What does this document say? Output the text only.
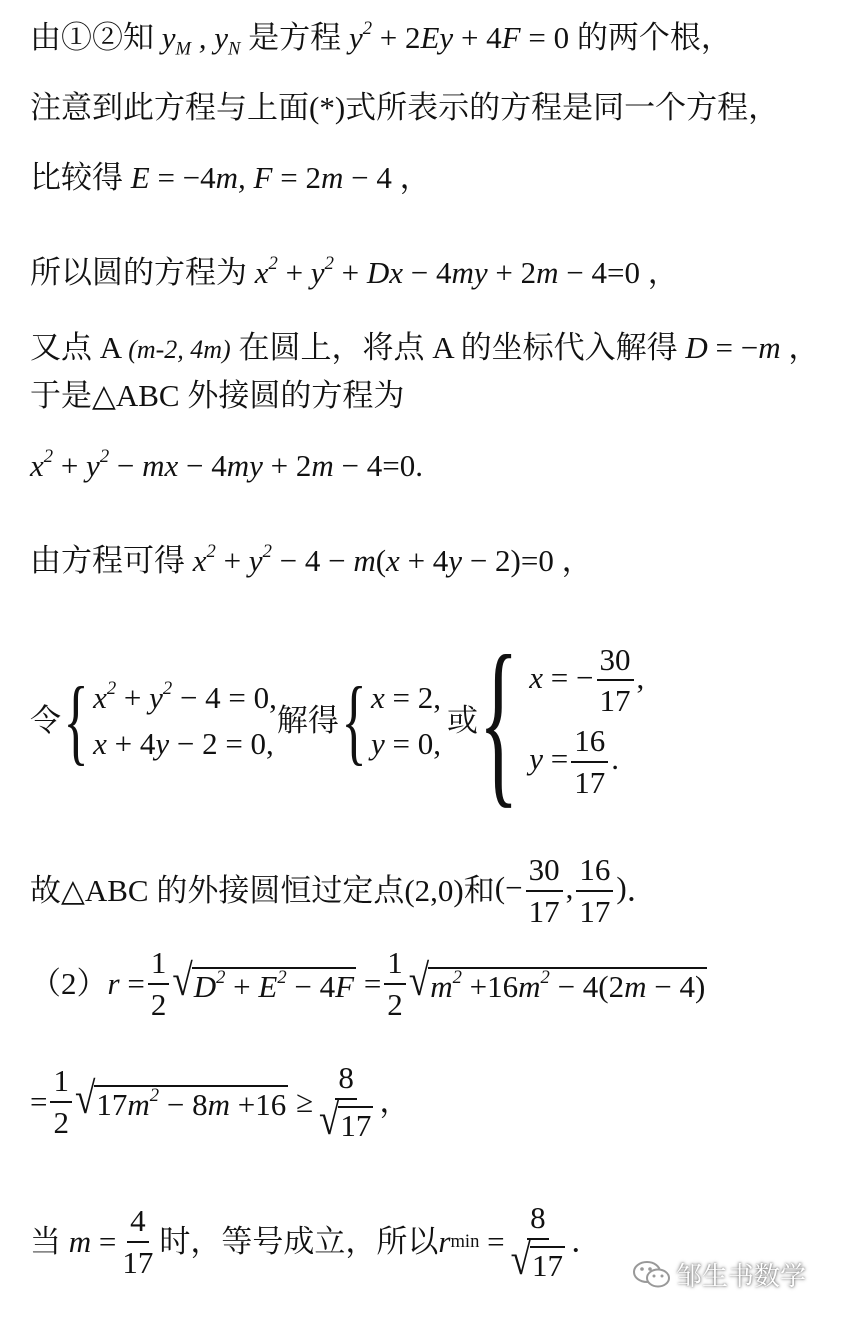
由①②知 $y_M$ , $y_N$ 是方程 $y^2 + 2Ey + 4F = 0$ 的两个根，
注意到此方程与上面(*)式所表示的方程是同一个方程，
比较得 E = −4m, F = 2m − 4 ，
所以圆的方程为 $x^2 + y^2 + Dx - 4my + 2m - 4=0$ ，
又点 A (m-2, 4m) 在圆上，将点 A 的坐标代入解得 D = −m ，
于是△ABC 外接圆的方程为
$x^2 + y^2$ − mx − 4my + 2m − 4=0.
由方程可得 $x^2 + y^2 - 4 - m(x + 4y - 2)=0$ ，
令 { $x^2 + y^2 - 4 = 0$,
x + 4y − 2 = 0,
解得 { x = 2,
y = 0,
或 { x = − $\frac{30}{17}$ ,
$y = \frac{16}{17}$ .
故△ABC 的外接圆恒过定点 (2,0) 和 (− $\frac{30}{17}$ , $\frac{16}{17}$ ) ．
（2） $r = \frac{1}{2}$ √ $D^2 + E^2 - 4F = \frac{1}{2}$ √ $m^2 +16m^2 - 4(2m - 4)$
= $\frac{1}{2}$ √ $17m^2 - 8m +16 \ge \frac{8}{√ 17}$ ，
当 $m = \frac{4}{17}$ 时，等号成立，所以 r $\min = \frac{8}{√ 17}$ ．
邹生书数学
